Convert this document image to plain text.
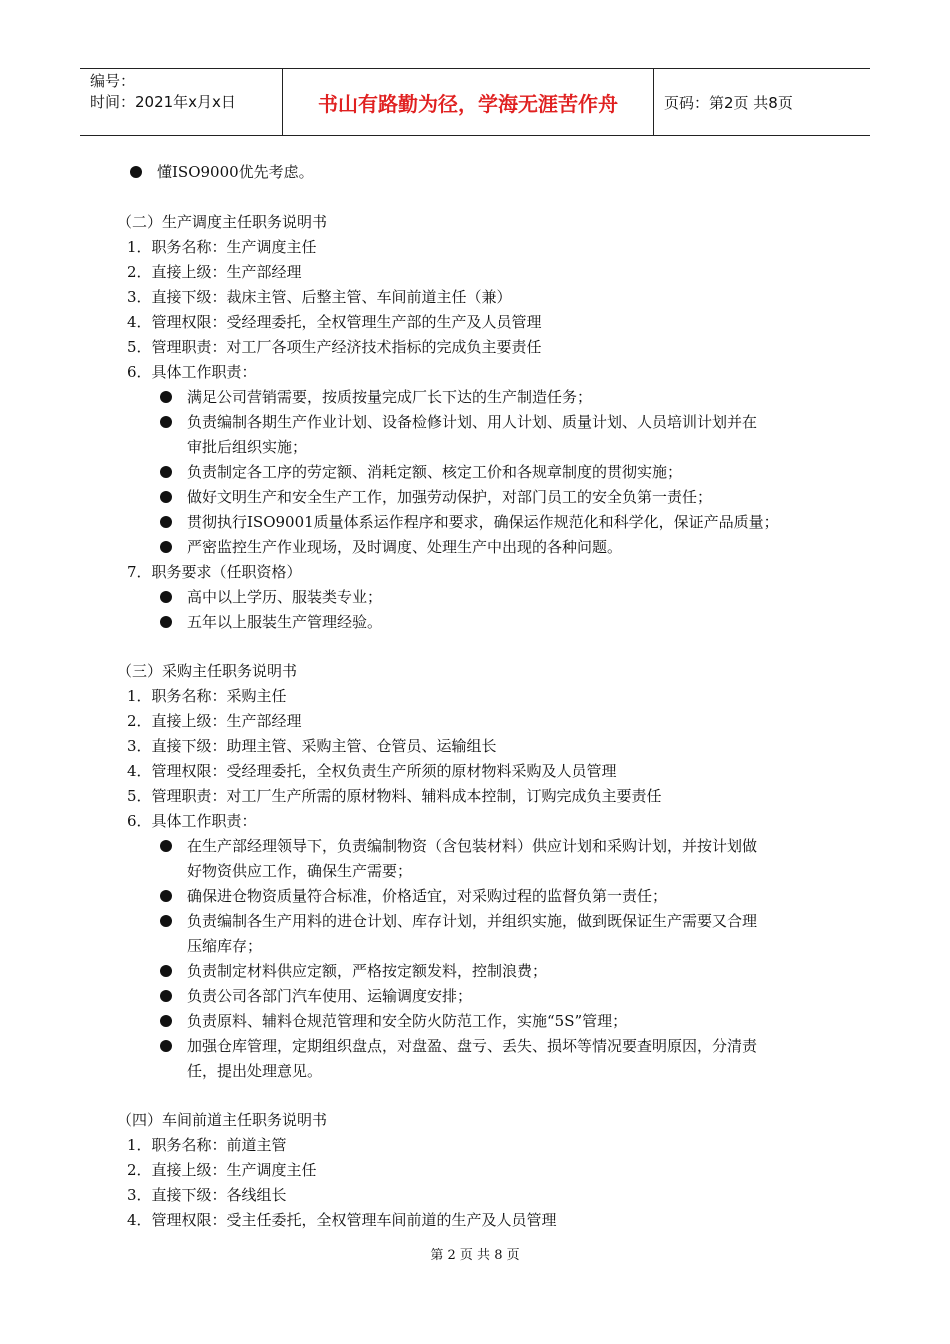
编号：
时间：2021年x月x日	书山有路勤为径，学海无涯苦作舟	页码：第2页 共8页
懂ISO9000优先考虑。
（二）生产调度主任职务说明书
1．职务名称：生产调度主任
2．直接上级：生产部经理
3．直接下级：裁床主管、后整主管、车间前道主任（兼）
4．管理权限：受经理委托，全权管理生产部的生产及人员管理
5．管理职责：对工厂各项生产经济技术指标的完成负主要责任
6．具体工作职责：
满足公司营销需要，按质按量完成厂长下达的生产制造任务；
负责编制各期生产作业计划、设备检修计划、用人计划、质量计划、人员培训计划并在
审批后组织实施；
负责制定各工序的劳定额、消耗定额、核定工价和各规章制度的贯彻实施；
做好文明生产和安全生产工作，加强劳动保护，对部门员工的安全负第一责任；
贯彻执行ISO9001质量体系运作程序和要求，确保运作规范化和科学化，保证产品质量；
严密监控生产作业现场，及时调度、处理生产中出现的各种问题。
7．职务要求（任职资格）
高中以上学历、服装类专业；
五年以上服装生产管理经验。
（三）采购主任职务说明书
1．职务名称：采购主任
2．直接上级：生产部经理
3．直接下级：助理主管、采购主管、仓管员、运输组长
4．管理权限：受经理委托，全权负责生产所须的原材物料采购及人员管理
5．管理职责：对工厂生产所需的原材物料、辅料成本控制，订购完成负主要责任
6．具体工作职责：
在生产部经理领导下，负责编制物资（含包装材料）供应计划和采购计划，并按计划做
好物资供应工作，确保生产需要；
确保进仓物资质量符合标准，价格适宜，对采购过程的监督负第一责任；
负责编制各生产用料的进仓计划、库存计划，并组织实施，做到既保证生产需要又合理
压缩库存；
负责制定材料供应定额，严格按定额发料，控制浪费；
负责公司各部门汽车使用、运输调度安排；
负责原料、辅料仓规范管理和安全防火防范工作，实施“5S”管理；
加强仓库管理，定期组织盘点，对盘盈、盘亏、丢失、损坏等情况要查明原因，分清责
任，提出处理意见。
（四）车间前道主任职务说明书
1．职务名称：前道主管
2．直接上级：生产调度主任
3．直接下级：各线组长
4．管理权限：受主任委托，全权管理车间前道的生产及人员管理
第 2 页 共 8 页
